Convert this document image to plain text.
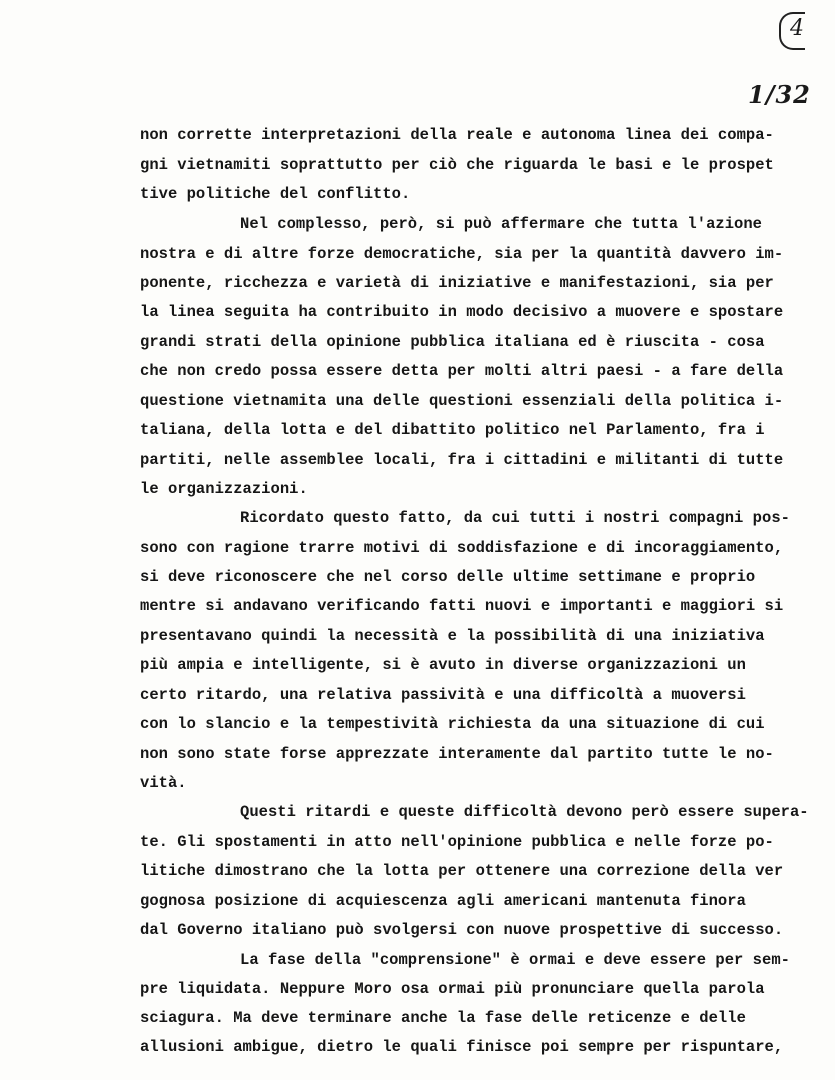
4
1/32
non corrette interpretazioni della reale e autonoma linea dei compa-
gni vietnamiti soprattutto per ciò che riguarda le basi e le prospet
tive politiche del conflitto.
Nel complesso, però, si può affermare che tutta l'azione
nostra e di altre forze democratiche, sia per la quantità davvero im-
ponente, ricchezza e varietà di iniziative e manifestazioni, sia per
la linea seguita ha contribuito in modo decisivo a muovere e spostare
grandi strati della opinione pubblica italiana ed è riuscita - cosa
che non credo possa essere detta per molti altri paesi - a fare della
questione vietnamita una delle questioni essenziali della politica i-
taliana, della lotta e del dibattito politico nel Parlamento, fra i
partiti, nelle assemblee locali, fra i cittadini e militanti di tutte
le organizzazioni.
Ricordato questo fatto, da cui tutti i nostri compagni pos-
sono con ragione trarre motivi di soddisfazione e di incoraggiamento,
si deve riconoscere che nel corso delle ultime settimane e proprio
mentre si andavano verificando fatti nuovi e importanti e maggiori si
presentavano quindi la necessità e la possibilità di una iniziativa
più ampia e intelligente, si è avuto in diverse organizzazioni un
certo ritardo, una relativa passività e una difficoltà a muoversi
con lo slancio e la tempestività richiesta da una situazione di cui
non sono state forse apprezzate interamente dal partito tutte le no-
vità.
Questi ritardi e queste difficoltà devono però essere supera-
te. Gli spostamenti in atto nell'opinione pubblica e nelle forze po-
litiche dimostrano che la lotta per ottenere una correzione della ver
gognosa posizione di acquiescenza agli americani mantenuta finora
dal Governo italiano può svolgersi con nuove prospettive di successo.
La fase della "comprensione" è ormai e deve essere per sem-
pre liquidata. Neppure Moro osa ormai più pronunciare quella parola
sciagura. Ma deve terminare anche la fase delle reticenze e delle
allusioni ambigue, dietro le quali finisce poi sempre per rispuntare,
